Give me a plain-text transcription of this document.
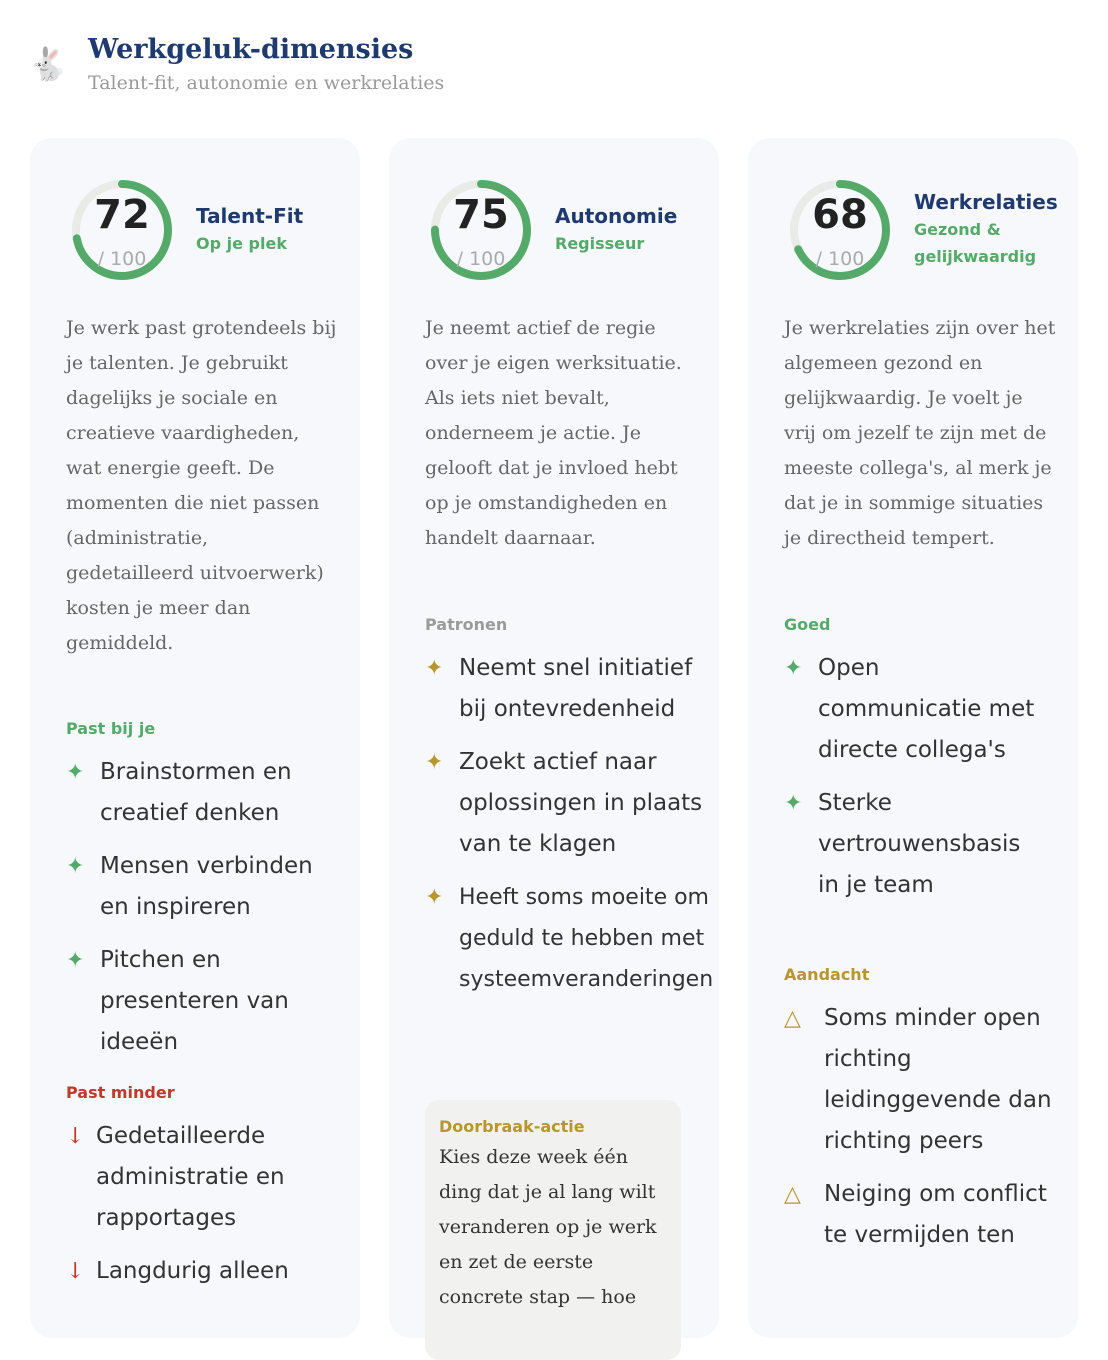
🐇 Werkgeluk-dimensies
Talent-fit, autonomie en werkrelaties
72
/ 100
Talent-Fit
Op je plek
Je werk past grotendeels bij je talenten. Je gebruikt dagelijks je sociale en creatieve vaardigheden, wat energie geeft. De momenten die niet passen (administratie, gedetailleerd uitvoerwerk) kosten je meer dan gemiddeld.
Past bij je
✦ Brainstormen en creatief denken
✦ Mensen verbinden en inspireren
✦ Pitchen en presenteren van ideeën
Past minder
↓ Gedetailleerde administratie en rapportages
↓ Langdurig alleen
75
/ 100
Autonomie
Regisseur
Je neemt actief de regie over je eigen werksituatie. Als iets niet bevalt, onderneem je actie. Je gelooft dat je invloed hebt op je omstandigheden en handelt daarnaar.
Patronen
✦ Neemt snel initiatief bij ontevredenheid
✦ Zoekt actief naar oplossingen in plaats van te klagen
✦ Heeft soms moeite om geduld te hebben met systeemveranderingen
Doorbraak-actie
Kies deze week één ding dat je al lang wilt veranderen op je werk en zet de eerste concrete stap — hoe
68
/ 100
Werkrelaties
Gezond & gelijkwaardig
Je werkrelaties zijn over het algemeen gezond en gelijkwaardig. Je voelt je vrij om jezelf te zijn met de meeste collega's, al merk je dat je in sommige situaties je directheid tempert.
Goed
✦ Open communicatie met directe collega's
✦ Sterke vertrouwensbasis in je team
Aandacht
△	Soms minder open richting leidinggevende dan richting peers
△	Neiging om conflict te vermijden ten
